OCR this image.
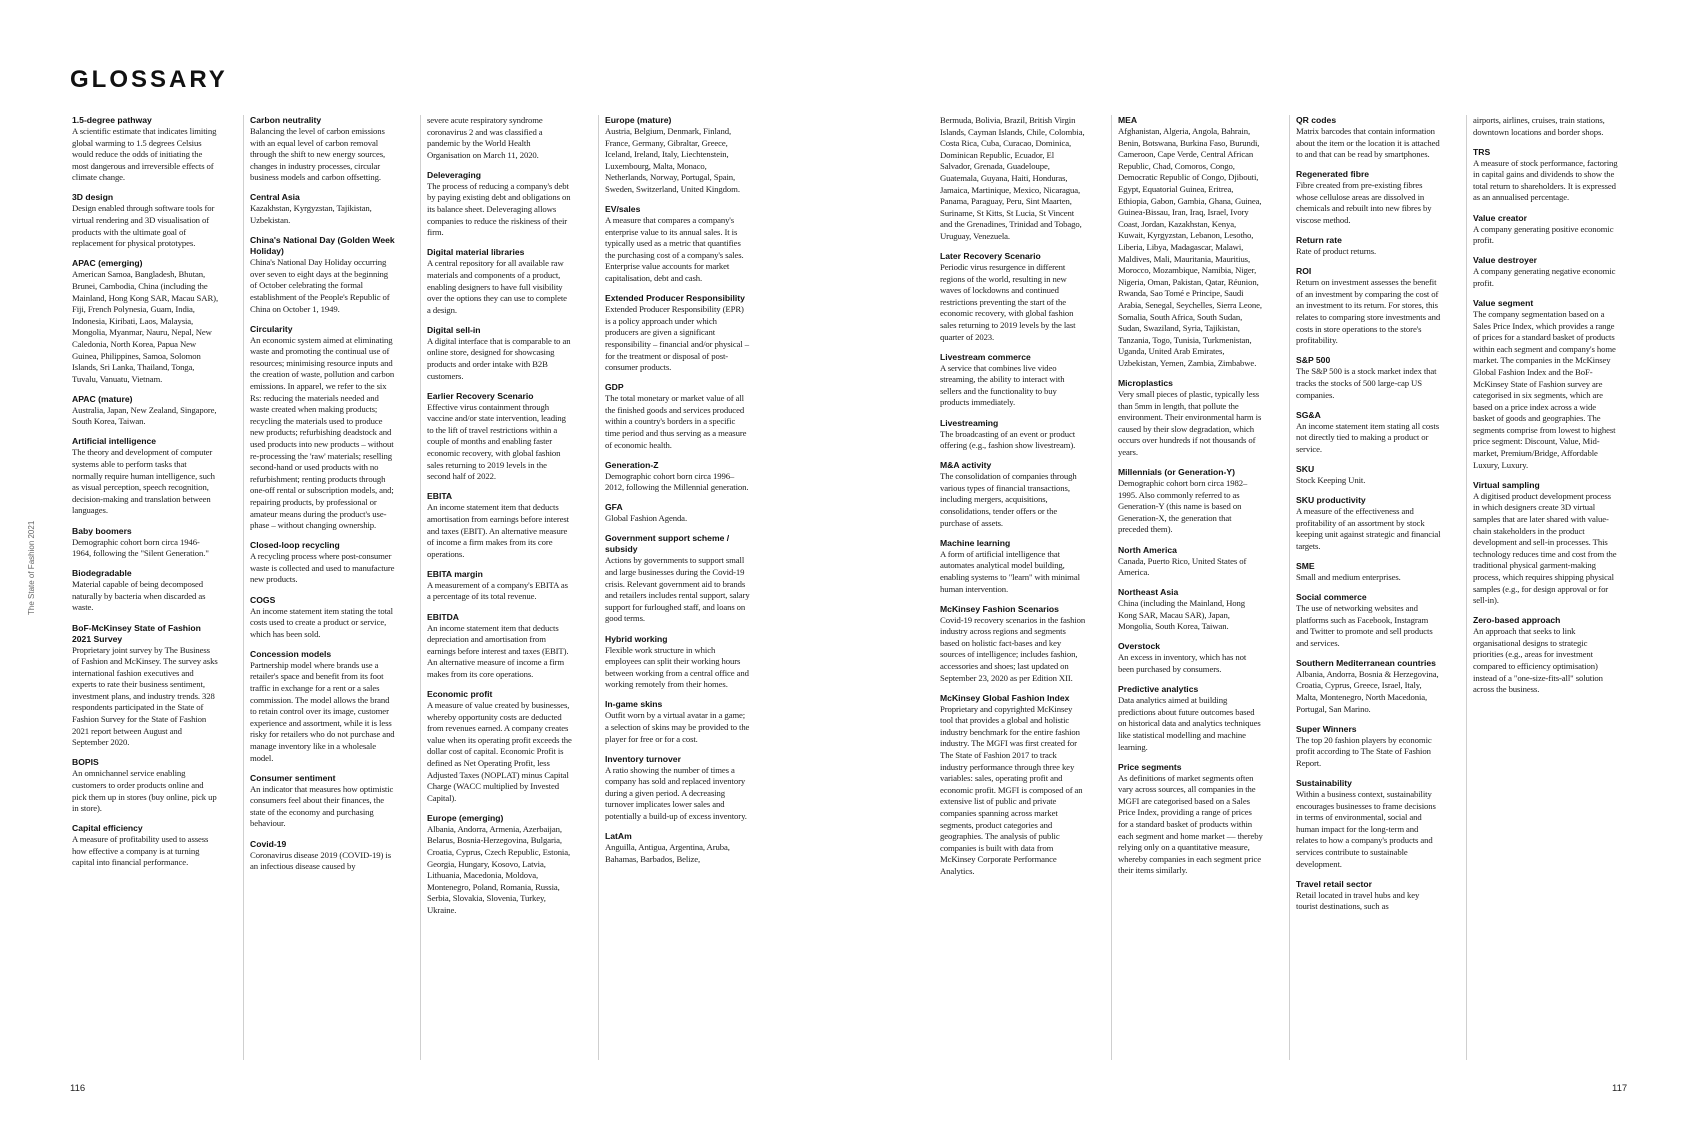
GLOSSARY
The State of Fashion 2021
116	117
1.5-degree pathway
A scientific estimate that indicates limiting global warming to 1.5 degrees Celsius would reduce the odds of initiating the most dangerous and irreversible effects of climate change.
3D design
Design enabled through software tools for virtual rendering and 3D visualisation of products with the ultimate goal of replacement for physical prototypes.
APAC (emerging)
American Samoa, Bangladesh, Bhutan, Brunei, Cambodia, China (including the Mainland, Hong Kong SAR, Macau SAR), Fiji, French Polynesia, Guam, India, Indonesia, Kiribati, Laos, Malaysia, Mongolia, Myanmar, Nauru, Nepal, New Caledonia, North Korea, Papua New Guinea, Philippines, Samoa, Solomon Islands, Sri Lanka, Thailand, Tonga, Tuvalu, Vanuatu, Vietnam.
APAC (mature)
Australia, Japan, New Zealand, Singapore, South Korea, Taiwan.
Artificial intelligence
The theory and development of computer systems able to perform tasks that normally require human intelligence, such as visual perception, speech recognition, decision-making and translation between languages.
Baby boomers
Demographic cohort born circa 1946-1964, following the "Silent Generation."
Biodegradable
Material capable of being decomposed naturally by bacteria when discarded as waste.
BoF-McKinsey State of Fashion 2021 Survey
Proprietary joint survey by The Business of Fashion and McKinsey. The survey asks international fashion executives and experts to rate their business sentiment, investment plans, and industry trends. 328 respondents participated in the State of Fashion Survey for the State of Fashion 2021 report between August and September 2020.
BOPIS
An omnichannel service enabling customers to order products online and pick them up in stores (buy online, pick up in store).
Capital efficiency
A measure of profitability used to assess how effective a company is at turning capital into financial performance.
Carbon neutrality
Balancing the level of carbon emissions with an equal level of carbon removal through the shift to new energy sources, changes in industry processes, circular business models and carbon offsetting.
Central Asia
Kazakhstan, Kyrgyzstan, Tajikistan, Uzbekistan.
China's National Day (Golden Week Holiday)
China's National Day Holiday occurring over seven to eight days at the beginning of October celebrating the formal establishment of the People's Republic of China on October 1, 1949.
Circularity
An economic system aimed at eliminating waste and promoting the continual use of resources; minimising resource inputs and the creation of waste, pollution and carbon emissions. In apparel, we refer to the six Rs: reducing the materials needed and waste created when making products; recycling the materials used to produce new products; refurbishing deadstock and used products into new products – without re-processing the 'raw' materials; reselling second-hand or used products with no refurbishment; renting products through one-off rental or subscription models, and; repairing products, by professional or amateur means during the product's use-phase – without changing ownership.
Closed-loop recycling
A recycling process where post-consumer waste is collected and used to manufacture new products.
COGS
An income statement item stating the total costs used to create a product or service, which has been sold.
Concession models
Partnership model where brands use a retailer's space and benefit from its foot traffic in exchange for a rent or a sales commission. The model allows the brand to retain control over its image, customer experience and assortment, while it is less risky for retailers who do not purchase and manage inventory like in a wholesale model.
Consumer sentiment
An indicator that measures how optimistic consumers feel about their finances, the state of the economy and purchasing behaviour.
Covid-19
Coronavirus disease 2019 (COVID-19) is an infectious disease caused by
severe acute respiratory syndrome coronavirus 2 and was classified a pandemic by the World Health Organisation on March 11, 2020.
Deleveraging
The process of reducing a company's debt by paying existing debt and obligations on its balance sheet. Deleveraging allows companies to reduce the riskiness of their firm.
Digital material libraries
A central repository for all available raw materials and components of a product, enabling designers to have full visibility over the options they can use to complete a design.
Digital sell-in
A digital interface that is comparable to an online store, designed for showcasing products and order intake with B2B customers.
Earlier Recovery Scenario
Effective virus containment through vaccine and/or state intervention, leading to the lift of travel restrictions within a couple of months and enabling faster economic recovery, with global fashion sales returning to 2019 levels in the second half of 2022.
EBITA
An income statement item that deducts amortisation from earnings before interest and taxes (EBIT). An alternative measure of income a firm makes from its core operations.
EBITA margin
A measurement of a company's EBITA as a percentage of its total revenue.
EBITDA
An income statement item that deducts depreciation and amortisation from earnings before interest and taxes (EBIT). An alternative measure of income a firm makes from its core operations.
Economic profit
A measure of value created by businesses, whereby opportunity costs are deducted from revenues earned. A company creates value when its operating profit exceeds the dollar cost of capital. Economic Profit is defined as Net Operating Profit, less Adjusted Taxes (NOPLAT) minus Capital Charge (WACC multiplied by Invested Capital).
Europe (emerging)
Albania, Andorra, Armenia, Azerbaijan, Belarus, Bosnia-Herzegovina, Bulgaria, Croatia, Cyprus, Czech Republic, Estonia, Georgia, Hungary, Kosovo, Latvia, Lithuania, Macedonia, Moldova, Montenegro, Poland, Romania, Russia, Serbia, Slovakia, Slovenia, Turkey, Ukraine.
Europe (mature)
Austria, Belgium, Denmark, Finland, France, Germany, Gibraltar, Greece, Iceland, Ireland, Italy, Liechtenstein, Luxembourg, Malta, Monaco, Netherlands, Norway, Portugal, Spain, Sweden, Switzerland, United Kingdom.
EV/sales
A measure that compares a company's enterprise value to its annual sales. It is typically used as a metric that quantifies the purchasing cost of a company's sales. Enterprise value accounts for market capitalisation, debt and cash.
Extended Producer Responsibility
Extended Producer Responsibility (EPR) is a policy approach under which producers are given a significant responsibility – financial and/or physical – for the treatment or disposal of post-consumer products.
GDP
The total monetary or market value of all the finished goods and services produced within a country's borders in a specific time period and thus serving as a measure of economic health.
Generation-Z
Demographic cohort born circa 1996–2012, following the Millennial generation.
GFA
Global Fashion Agenda.
Government support scheme / subsidy
Actions by governments to support small and large businesses during the Covid-19 crisis. Relevant government aid to brands and retailers includes rental support, salary support for furloughed staff, and loans on good terms.
Hybrid working
Flexible work structure in which employees can split their working hours between working from a central office and working remotely from their homes.
In-game skins
Outfit worn by a virtual avatar in a game; a selection of skins may be provided to the player for free or for a cost.
Inventory turnover
A ratio showing the number of times a company has sold and replaced inventory during a given period. A decreasing turnover implicates lower sales and potentially a build-up of excess inventory.
LatAm
Anguilla, Antigua, Argentina, Aruba, Bahamas, Barbados, Belize,
Bermuda, Bolivia, Brazil, British Virgin Islands, Cayman Islands, Chile, Colombia, Costa Rica, Cuba, Curacao, Dominica, Dominican Republic, Ecuador, El Salvador, Grenada, Guadeloupe, Guatemala, Guyana, Haiti, Honduras, Jamaica, Martinique, Mexico, Nicaragua, Panama, Paraguay, Peru, Sint Maarten, Suriname, St Kitts, St Lucia, St Vincent and the Grenadines, Trinidad and Tobago, Uruguay, Venezuela.
Later Recovery Scenario
Periodic virus resurgence in different regions of the world, resulting in new waves of lockdowns and continued restrictions preventing the start of the economic recovery, with global fashion sales returning to 2019 levels by the last quarter of 2023.
Livestream commerce
A service that combines live video streaming, the ability to interact with sellers and the functionality to buy products immediately.
Livestreaming
The broadcasting of an event or product offering (e.g., fashion show livestream).
M&A activity
The consolidation of companies through various types of financial transactions, including mergers, acquisitions, consolidations, tender offers or the purchase of assets.
Machine learning
A form of artificial intelligence that automates analytical model building, enabling systems to "learn" with minimal human intervention.
McKinsey Fashion Scenarios
Covid-19 recovery scenarios in the fashion industry across regions and segments based on holistic fact-bases and key sources of intelligence; includes fashion, accessories and shoes; last updated on September 23, 2020 as per Edition XII.
McKinsey Global Fashion Index
Proprietary and copyrighted McKinsey tool that provides a global and holistic industry benchmark for the entire fashion industry. The MGFI was first created for The State of Fashion 2017 to track industry performance through three key variables: sales, operating profit and economic profit. MGFI is composed of an extensive list of public and private companies spanning across market segments, product categories and geographies. The analysis of public companies is built with data from McKinsey Corporate Performance Analytics.
MEA
Afghanistan, Algeria, Angola, Bahrain, Benin, Botswana, Burkina Faso, Burundi, Cameroon, Cape Verde, Central African Republic, Chad, Comoros, Congo, Democratic Republic of Congo, Djibouti, Egypt, Equatorial Guinea, Eritrea, Ethiopia, Gabon, Gambia, Ghana, Guinea, Guinea-Bissau, Iran, Iraq, Israel, Ivory Coast, Jordan, Kazakhstan, Kenya, Kuwait, Kyrgyzstan, Lebanon, Lesotho, Liberia, Libya, Madagascar, Malawi, Maldives, Mali, Mauritania, Mauritius, Morocco, Mozambique, Namibia, Niger, Nigeria, Oman, Pakistan, Qatar, Réunion, Rwanda, Sao Tomé e Principe, Saudi Arabia, Senegal, Seychelles, Sierra Leone, Somalia, South Africa, South Sudan, Sudan, Swaziland, Syria, Tajikistan, Tanzania, Togo, Tunisia, Turkmenistan, Uganda, United Arab Emirates, Uzbekistan, Yemen, Zambia, Zimbabwe.
Microplastics
Very small pieces of plastic, typically less than 5mm in length, that pollute the environment. Their environmental harm is caused by their slow degradation, which occurs over hundreds if not thousands of years.
Millennials (or Generation-Y)
Demographic cohort born circa 1982–1995. Also commonly referred to as Generation-Y (this name is based on Generation-X, the generation that preceded them).
North America
Canada, Puerto Rico, United States of America.
Northeast Asia
China (including the Mainland, Hong Kong SAR, Macau SAR), Japan, Mongolia, South Korea, Taiwan.
Overstock
An excess in inventory, which has not been purchased by consumers.
Predictive analytics
Data analytics aimed at building predictions about future outcomes based on historical data and analytics techniques like statistical modelling and machine learning.
Price segments
As definitions of market segments often vary across sources, all companies in the MGFI are categorised based on a Sales Price Index, providing a range of prices for a standard basket of products within each segment and home market — thereby relying only on a quantitative measure, whereby companies in each segment price their items similarly.
QR codes
Matrix barcodes that contain information about the item or the location it is attached to and that can be read by smartphones.
Regenerated fibre
Fibre created from pre-existing fibres whose cellulose areas are dissolved in chemicals and rebuilt into new fibres by viscose method.
Return rate
Rate of product returns.
ROI
Return on investment assesses the benefit of an investment by comparing the cost of an investment to its return. For stores, this relates to comparing store investments and costs in store operations to the store's profitability.
S&P 500
The S&P 500 is a stock market index that tracks the stocks of 500 large-cap US companies.
SG&A
An income statement item stating all costs not directly tied to making a product or service.
SKU
Stock Keeping Unit.
SKU productivity
A measure of the effectiveness and profitability of an assortment by stock keeping unit against strategic and financial targets.
SME
Small and medium enterprises.
Social commerce
The use of networking websites and platforms such as Facebook, Instagram and Twitter to promote and sell products and services.
Southern Mediterranean countries
Albania, Andorra, Bosnia & Herzegovina, Croatia, Cyprus, Greece, Israel, Italy, Malta, Montenegro, North Macedonia, Portugal, San Marino.
Super Winners
The top 20 fashion players by economic profit according to The State of Fashion Report.
Sustainability
Within a business context, sustainability encourages businesses to frame decisions in terms of environmental, social and human impact for the long-term and relates to how a company's products and services contribute to sustainable development.
Travel retail sector
Retail located in travel hubs and key tourist destinations, such as
airports, airlines, cruises, train stations, downtown locations and border shops.
TRS
A measure of stock performance, factoring in capital gains and dividends to show the total return to shareholders. It is expressed as an annualised percentage.
Value creator
A company generating positive economic profit.
Value destroyer
A company generating negative economic profit.
Value segment
The company segmentation based on a Sales Price Index, which provides a range of prices for a standard basket of products within each segment and company's home market. The companies in the McKinsey Global Fashion Index and the BoF-McKinsey State of Fashion survey are categorised in six segments, which are based on a price index across a wide basket of goods and geographies. The segments comprise from lowest to highest price segment: Discount, Value, Mid-market, Premium/Bridge, Affordable Luxury, Luxury.
Virtual sampling
A digitised product development process in which designers create 3D virtual samples that are later shared with value-chain stakeholders in the product development and sell-in processes. This technology reduces time and cost from the traditional physical garment-making process, which requires shipping physical samples (e.g., for design approval or for sell-in).
Zero-based approach
An approach that seeks to link organisational designs to strategic priorities (e.g., areas for investment compared to efficiency optimisation) instead of a "one-size-fits-all" solution across the business.
